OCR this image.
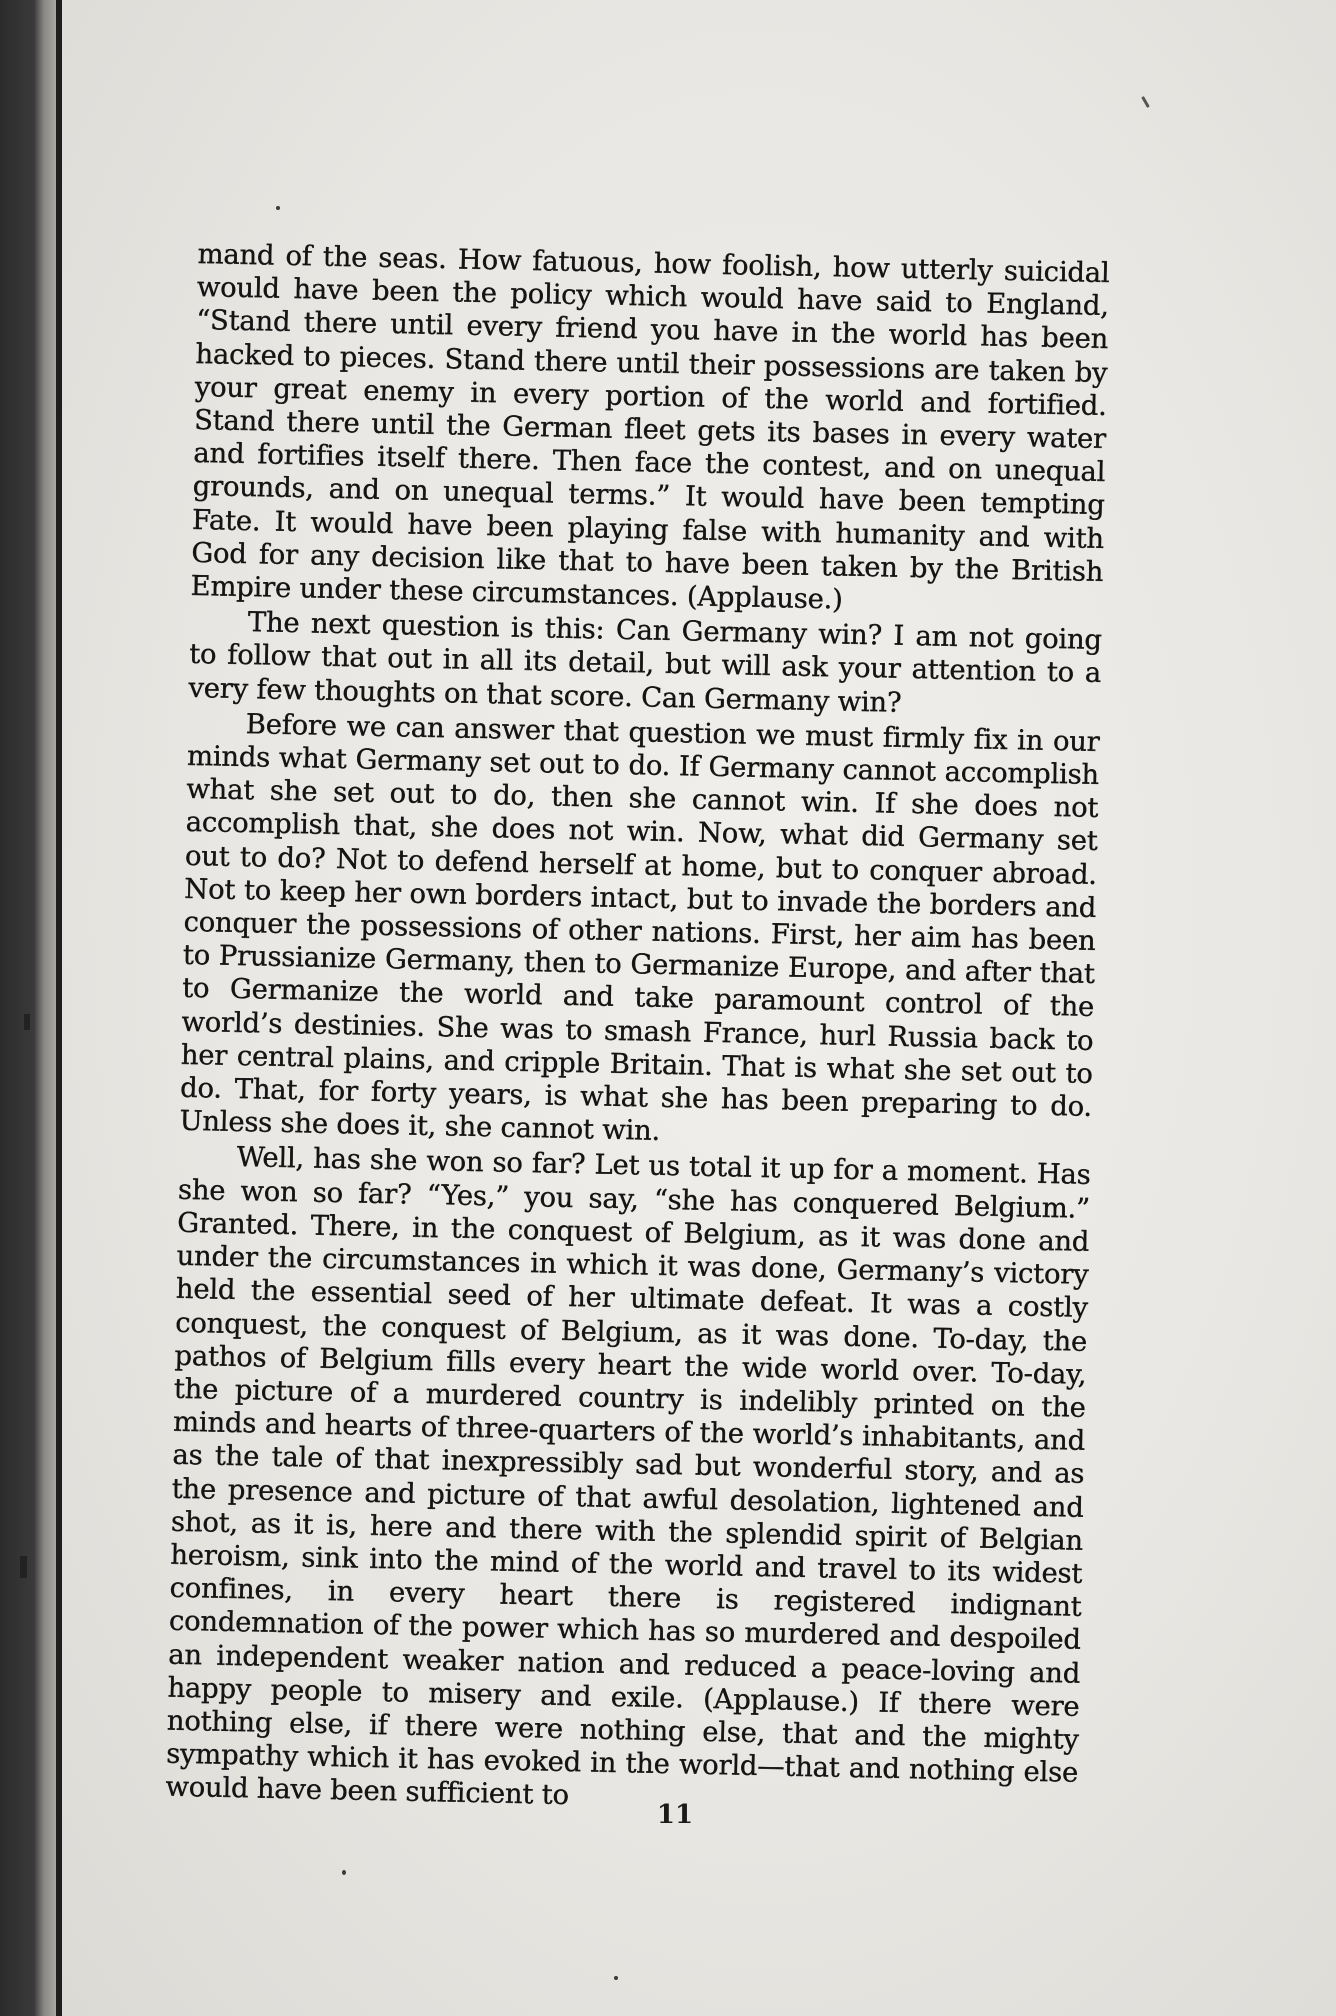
mand of the seas. How fatuous, how foolish, how utterly suicidal would have been the policy which would have said to England, “Stand there until every friend you have in the world has been hacked to pieces. Stand there until their possessions are taken by your great enemy in every portion of the world and fortified. Stand there until the German fleet gets its bases in every water and fortifies itself there. Then face the contest, and on unequal grounds, and on unequal terms.” It would have been tempting Fate. It would have been playing false with humanity and with God for any decision like that to have been taken by the British Empire under these circumstances. (Applause.)

The next question is this: Can Germany win? I am not going to follow that out in all its detail, but will ask your attention to a very few thoughts on that score. Can Germany win?

Before we can answer that question we must firmly fix in our minds what Germany set out to do. If Germany cannot accomplish what she set out to do, then she cannot win. If she does not accomplish that, she does not win. Now, what did Germany set out to do? Not to defend herself at home, but to conquer abroad. Not to keep her own borders intact, but to invade the borders and conquer the possessions of other nations. First, her aim has been to Prussianize Germany, then to Germanize Europe, and after that to Germanize the world and take paramount control of the world’s destinies. She was to smash France, hurl Russia back to her central plains, and cripple Britain. That is what she set out to do. That, for forty years, is what she has been preparing to do. Unless she does it, she cannot win.

Well, has she won so far? Let us total it up for a moment. Has she won so far? “Yes,” you say, “she has conquered Belgium.” Granted. There, in the conquest of Belgium, as it was done and under the circumstances in which it was done, Germany’s victory held the essential seed of her ultimate defeat. It was a costly conquest, the conquest of Belgium, as it was done. To-day, the pathos of Belgium fills every heart the wide world over. To-day, the picture of a murdered country is indelibly printed on the minds and hearts of three-quarters of the world’s inhabitants, and as the tale of that inexpressibly sad but wonderful story, and as the presence and picture of that awful desolation, lightened and shot, as it is, here and there with the splendid spirit of Belgian heroism, sink into the mind of the world and travel to its widest confines, in every heart there is registered indignant condemnation of the power which has so murdered and despoiled an independent weaker nation and reduced a peace-loving and happy people to misery and exile. (Applause.) If there were nothing else, if there were nothing else, that and the mighty sympathy which it has evoked in the world—that and nothing else would have been sufficient to

11
